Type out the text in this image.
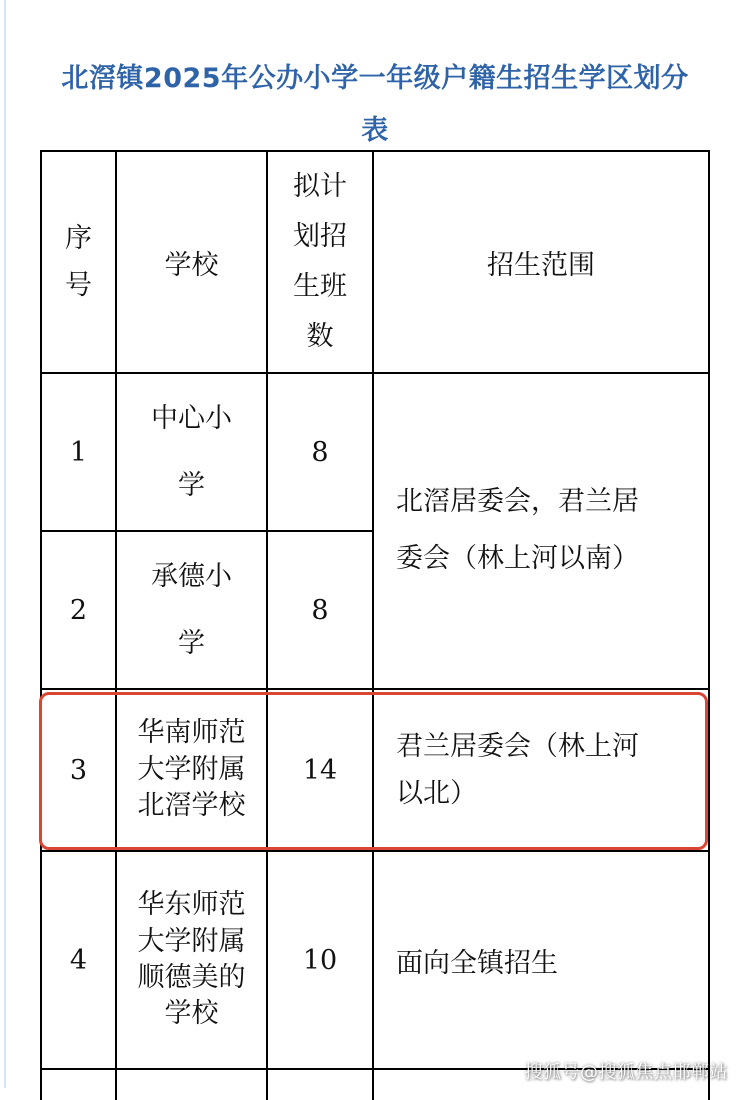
北滘镇2025年公办小学一年级户籍生招生学区划分
表
序号
学校
拟计划招生班数
招生范围
1
中心小学
8
2
承德小学
8
北滘居委会，君兰居委会（林上河以南）
3
华南师范大学附属北滘学校
14
君兰居委会（林上河以北）
4
华东师范大学附属顺德美的学校
10 面向全镇招生
搜狐号@搜狐焦点邯郸站
